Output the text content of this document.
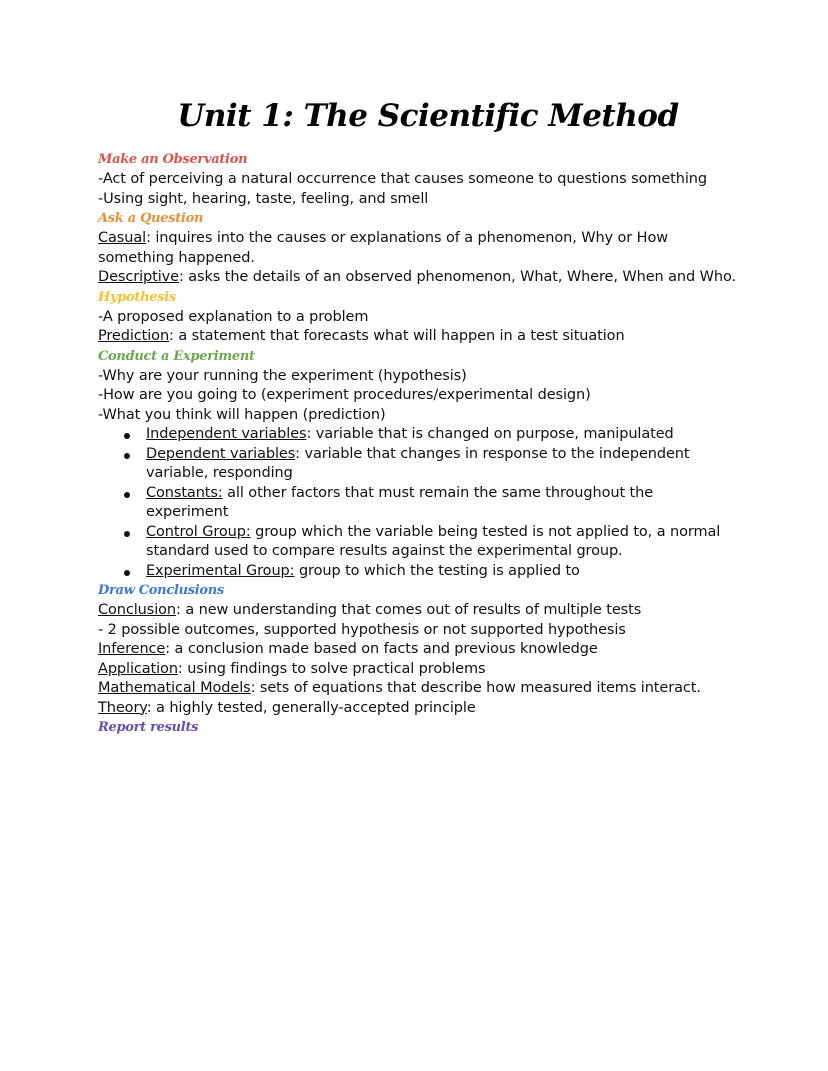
Unit 1: The Scientific Method

Make an Observation

-Act of perceiving a natural occurrence that causes someone to questions something

-Using sight, hearing, taste, feeling, and smell

Ask a Question

Casual: inquires into the causes or explanations of a phenomenon, Why or How something happened.

Descriptive: asks the details of an observed phenomenon, What, Where, When and Who.

Hypothesis

-A proposed explanation to a problem

Prediction: a statement that forecasts what will happen in a test situation

Conduct a Experiment

-Why are your running the experiment (hypothesis)

-How are you going to (experiment procedures/experimental design)

-What you think will happen (prediction)

Independent variables: variable that is changed on purpose, manipulated
Dependent variables: variable that changes in response to the independent variable, responding
Constants: all other factors that must remain the same throughout the experiment
Control Group: group which the variable being tested is not applied to, a normal standard used to compare results against the experimental group.
Experimental Group: group to which the testing is applied to

Draw Conclusions

Conclusion: a new understanding that comes out of results of multiple tests

- 2 possible outcomes, supported hypothesis or not supported hypothesis

Inference: a conclusion made based on facts and previous knowledge

Application: using findings to solve practical problems

Mathematical Models: sets of equations that describe how measured items interact.

Theory: a highly tested, generally-accepted principle

Report results
